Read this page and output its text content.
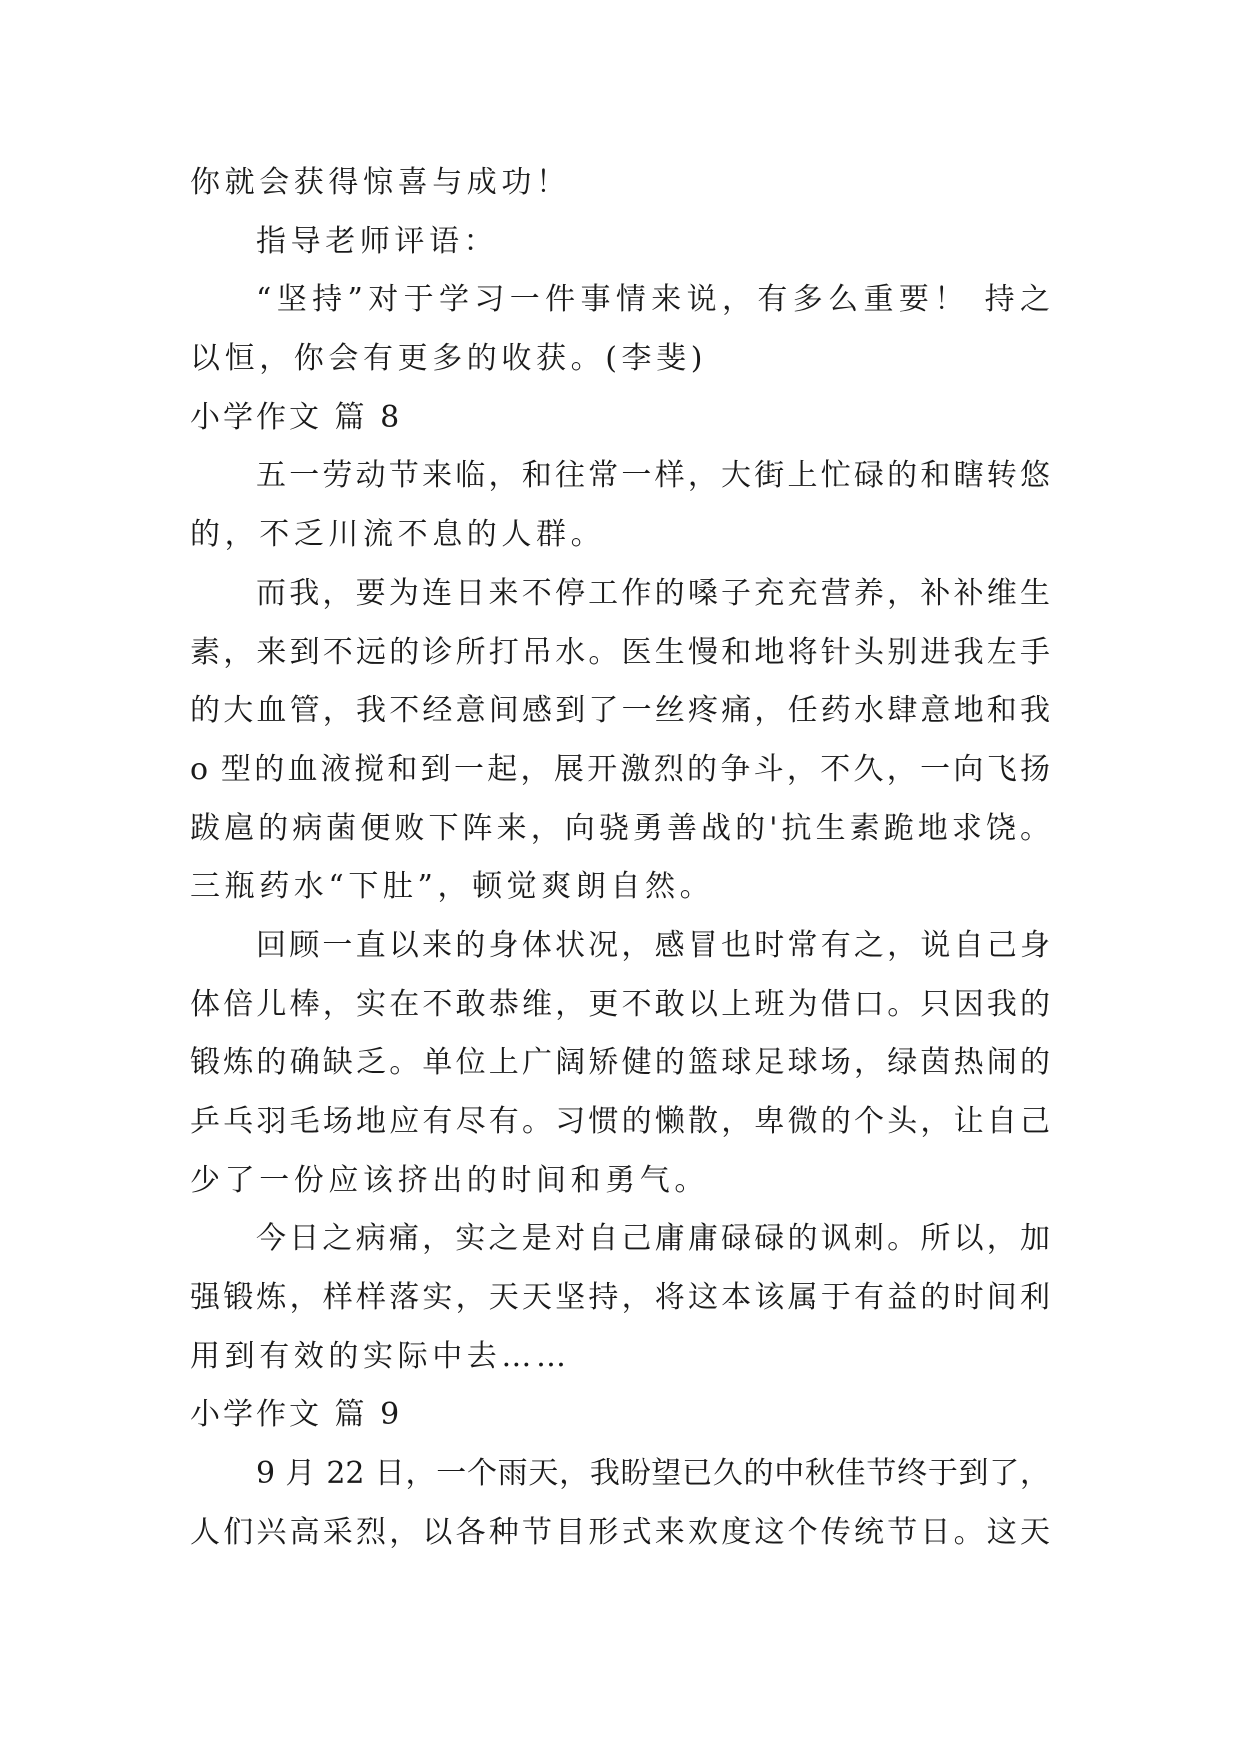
你就会获得惊喜与成功！
指导老师评语：
“坚持”对于学习一件事情来说，有多么重要！ 持之
以恒，你会有更多的收获。(李斐)
小学作文 篇 8
五一劳动节来临，和往常一样，大街上忙碌的和瞎转悠
的，不乏川流不息的人群。
而我，要为连日来不停工作的嗓子充充营养，补补维生
素，来到不远的诊所打吊水。医生慢和地将针头别进我左手
的大血管，我不经意间感到了一丝疼痛，任药水肆意地和我
o 型的血液搅和到一起，展开激烈的争斗，不久，一向飞扬
跋扈的病菌便败下阵来，向骁勇善战的'抗生素跪地求饶。
三瓶药水“下肚”，顿觉爽朗自然。
回顾一直以来的身体状况，感冒也时常有之，说自己身
体倍儿棒，实在不敢恭维，更不敢以上班为借口。只因我的
锻炼的确缺乏。单位上广阔矫健的篮球足球场，绿茵热闹的
乒乓羽毛场地应有尽有。习惯的懒散，卑微的个头，让自己
少了一份应该挤出的时间和勇气。
今日之病痛，实之是对自己庸庸碌碌的讽刺。所以，加
强锻炼，样样落实，天天坚持，将这本该属于有益的时间利
用到有效的实际中去……
小学作文 篇 9
9 月 22 日，一个雨天，我盼望已久的中秋佳节终于到了，
人们兴高采烈，以各种节目形式来欢度这个传统节日。这天
